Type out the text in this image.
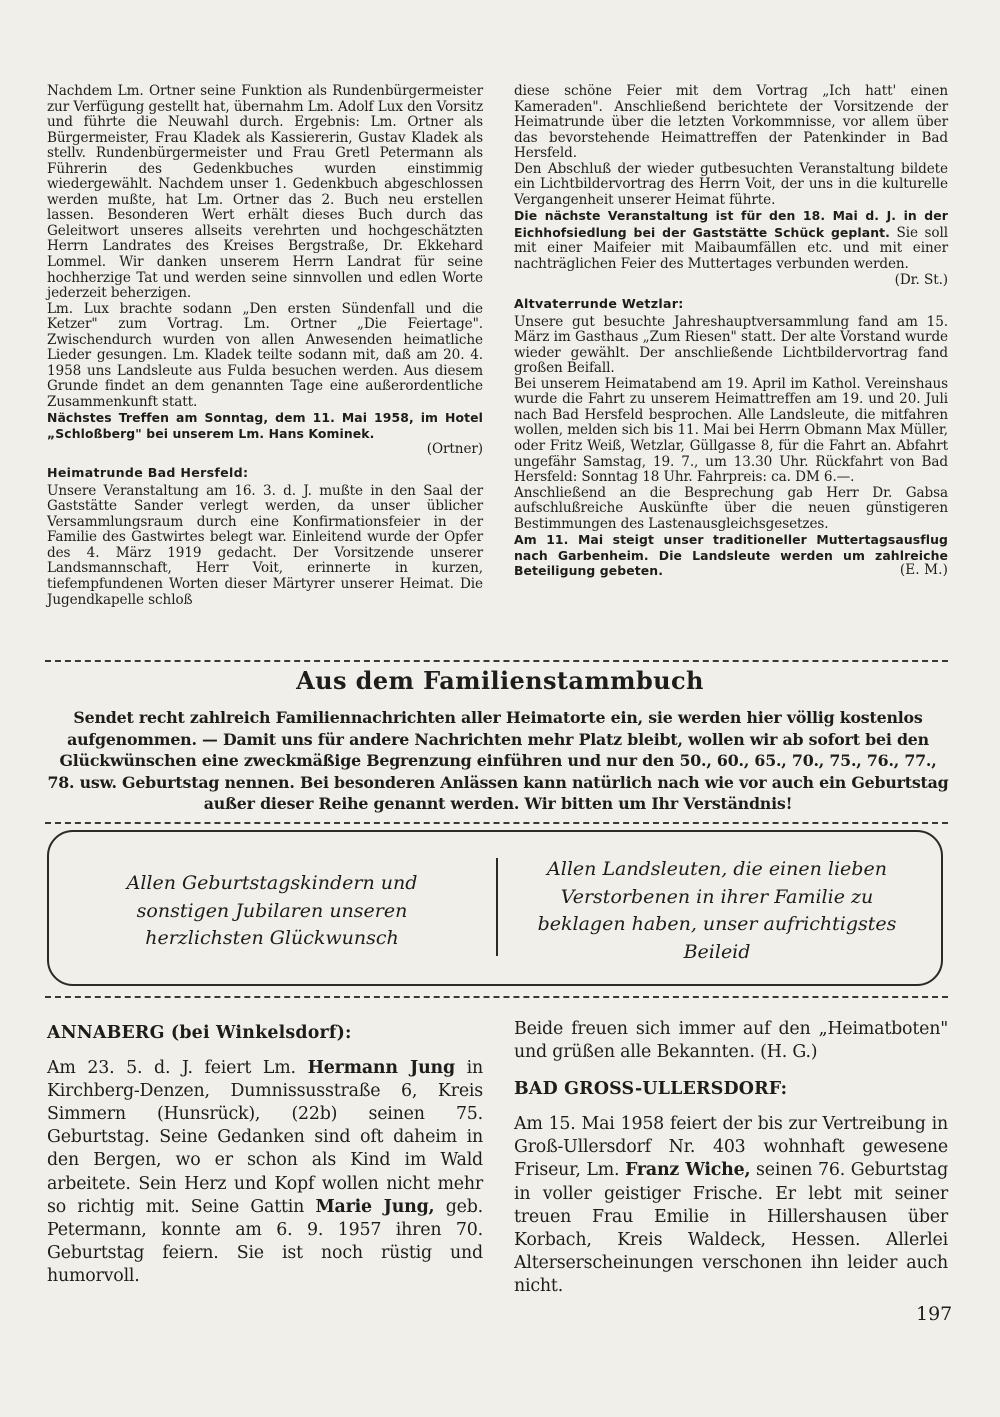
Nachdem Lm. Ortner seine Funktion als Rundenbürgermeister zur Verfügung gestellt hat, übernahm Lm. Adolf Lux den Vorsitz und führte die Neuwahl durch. Ergebnis: Lm. Ortner als Bürgermeister, Frau Kladek als Kassiererin, Gustav Kladek als stellv. Rundenbürgermeister und Frau Gretl Petermann als Führerin des Gedenkbuches wurden einstimmig wiedergewählt. Nachdem unser 1. Gedenkbuch abgeschlossen werden mußte, hat Lm. Ortner das 2. Buch neu erstellen lassen. Besonderen Wert erhält dieses Buch durch das Geleitwort unseres allseits verehrten und hochgeschätzten Herrn Landrates des Kreises Bergstraße, Dr. Ekkehard Lommel. Wir danken unserem Herrn Landrat für seine hochherzige Tat und werden seine sinnvollen und edlen Worte jederzeit beherzigen.

Lm. Lux brachte sodann „Den ersten Sündenfall und die Ketzer" zum Vortrag. Lm. Ortner „Die Feiertage". Zwischendurch wurden von allen Anwesenden heimatliche Lieder gesungen. Lm. Kladek teilte sodann mit, daß am 20. 4. 1958 uns Landsleute aus Fulda besuchen werden. Aus diesem Grunde findet an dem genannten Tage eine außerordentliche Zusammenkunft statt.

Nächstes Treffen am Sonntag, dem 11. Mai 1958, im Hotel „Schloßberg" bei unserem Lm. Hans Kominek.

(Ortner)

Heimatrunde Bad Hersfeld:

Unsere Veranstaltung am 16. 3. d. J. mußte in den Saal der Gaststätte Sander verlegt werden, da unser üblicher Versammlungsraum durch eine Konfirmationsfeier in der Familie des Gastwirtes belegt war. Einleitend wurde der Opfer des 4. März 1919 gedacht. Der Vorsitzende unserer Landsmannschaft, Herr Voit, erinnerte in kurzen, tiefempfundenen Worten dieser Märtyrer unserer Heimat. Die Jugendkapelle schloß

diese schöne Feier mit dem Vortrag „Ich hatt' einen Kameraden". Anschließend berichtete der Vorsitzende der Heimatrunde über die letzten Vorkommnisse, vor allem über das bevorstehende Heimattreffen der Patenkinder in Bad Hersfeld.

Den Abschluß der wieder gutbesuchten Veranstaltung bildete ein Lichtbildervortrag des Herrn Voit, der uns in die kulturelle Vergangenheit unserer Heimat führte.

Die nächste Veranstaltung ist für den 18. Mai d. J. in der Eichhofsiedlung bei der Gaststätte Schück geplant. Sie soll mit einer Maifeier mit Maibaumfällen etc. und mit einer nachträglichen Feier des Muttertages verbunden werden.

(Dr. St.)

Altvaterrunde Wetzlar:

Unsere gut besuchte Jahreshauptversammlung fand am 15. März im Gasthaus „Zum Riesen" statt. Der alte Vorstand wurde wieder gewählt. Der anschließende Lichtbildervortrag fand großen Beifall.

Bei unserem Heimatabend am 19. April im Kathol. Vereinshaus wurde die Fahrt zu unserem Heimattreffen am 19. und 20. Juli nach Bad Hersfeld besprochen. Alle Landsleute, die mitfahren wollen, melden sich bis 11. Mai bei Herrn Obmann Max Müller, oder Fritz Weiß, Wetzlar, Güllgasse 8, für die Fahrt an. Abfahrt ungefähr Samstag, 19. 7., um 13.30 Uhr. Rückfahrt von Bad Hersfeld: Sonntag 18 Uhr. Fahrpreis: ca. DM 6.—.

Anschließend an die Besprechung gab Herr Dr. Gabsa aufschlußreiche Auskünfte über die neuen günstigeren Bestimmungen des Lastenausgleichsgesetzes.

Am 11. Mai steigt unser traditioneller Muttertagsausflug nach Garbenheim. Die Landsleute werden um zahlreiche Beteiligung gebeten.	(E. M.)

Aus dem Familienstammbuch
Sendet recht zahlreich Familiennachrichten aller Heimatorte ein, sie werden hier völlig kostenlos aufgenommen. — Damit uns für andere Nachrichten mehr Platz bleibt, wollen wir ab sofort bei den Glückwünschen eine zweckmäßige Begrenzung einführen und nur den 50., 60., 65., 70., 75., 76., 77., 78. usw. Geburtstag nennen. Bei besonderen Anlässen kann natürlich nach wie vor auch ein Geburtstag außer dieser Reihe genannt werden. Wir bitten um Ihr Verständnis!
Allen Geburtstagskindern und sonstigen Jubilaren unseren herzlichsten Glückwunsch
Allen Landsleuten, die einen lieben Verstorbenen in ihrer Familie zu beklagen haben, unser aufrichtigstes Beileid

ANNABERG (bei Winkelsdorf):

Am 23. 5. d. J. feiert Lm. Hermann Jung in Kirchberg-Denzen, Dumnissusstraße 6, Kreis Simmern (Hunsrück), (22b) seinen 75. Geburtstag. Seine Gedanken sind oft daheim in den Bergen, wo er schon als Kind im Wald arbeitete. Sein Herz und Kopf wollen nicht mehr so richtig mit. Seine Gattin Marie Jung, geb. Petermann, konnte am 6. 9. 1957 ihren 70. Geburtstag feiern. Sie ist noch rüstig und humorvoll.

Beide freuen sich immer auf den „Heimatboten" und grüßen alle Bekannten. (H. G.)

BAD GROSS-ULLERSDORF:

Am 15. Mai 1958 feiert der bis zur Vertreibung in Groß-Ullersdorf Nr. 403 wohnhaft gewesene Friseur, Lm. Franz Wiche, seinen 76. Geburtstag in voller geistiger Frische. Er lebt mit seiner treuen Frau Emilie in Hillershausen über Korbach, Kreis Waldeck, Hessen. Allerlei Alterserscheinungen verschonen ihn leider auch nicht.

197
